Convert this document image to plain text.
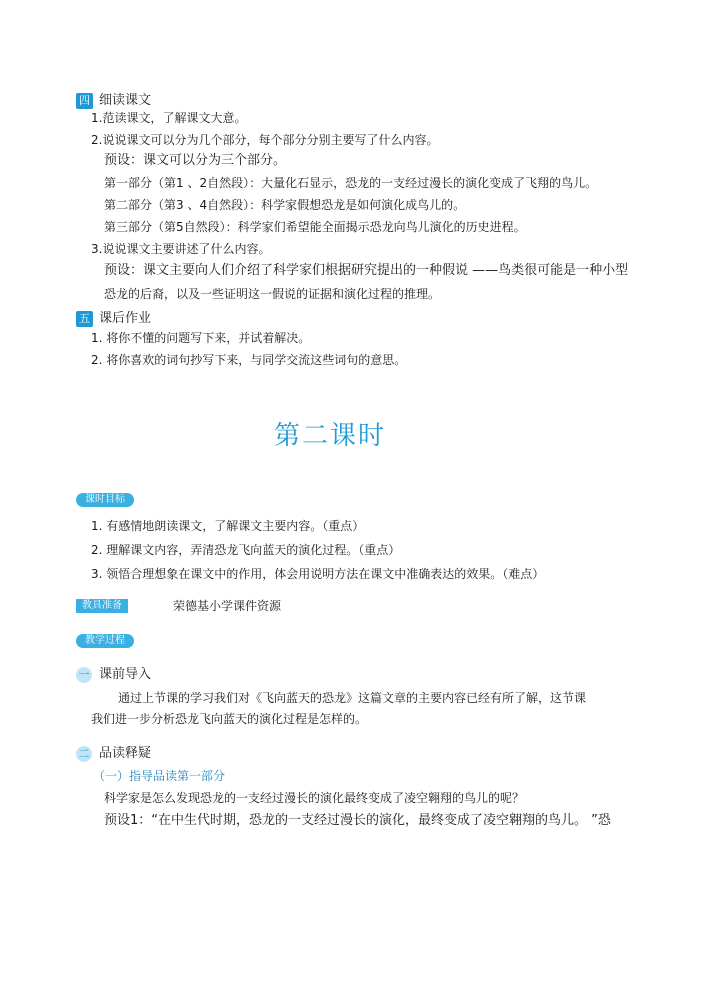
四 细读课文
1.范读课文，了解课文大意。
2.说说课文可以分为几个部分，每个部分分别主要写了什么内容。
预设：课文可以分为三个部分。
第一部分（第1 、2自然段）：大量化石显示，恐龙的一支经过漫长的演化变成了飞翔的鸟儿。
第二部分（第3 、4自然段）：科学家假想恐龙是如何演化成鸟儿的。
第三部分（第5自然段）：科学家们希望能全面揭示恐龙向鸟儿演化的历史进程。
3.说说课文主要讲述了什么内容。
预设：课文主要向人们介绍了科学家们根据研究提出的一种假说 ——鸟类很可能是一种小型
恐龙的后裔，以及一些证明这一假说的证据和演化过程的推理。
五 课后作业
1. 将你不懂的问题写下来，并试着解决。
2. 将你喜欢的词句抄写下来，与同学交流这些词句的意思。
第二课时
课时目标
1. 有感情地朗读课文，了解课文主要内容。（重点）
2. 理解课文内容，弄清恐龙飞向蓝天的演化过程。（重点）
3. 领悟合理想象在课文中的作用，体会用说明方法在课文中准确表达的效果。（难点）
教具准备	荣德基小学课件资源
教学过程
一 课前导入
通过上节课的学习我们对《飞向蓝天的恐龙》这篇文章的主要内容已经有所了解，这节课
我们进一步分析恐龙飞向蓝天的演化过程是怎样的。
二 品读释疑
（一）指导品读第一部分
科学家是怎么发现恐龙的一支经过漫长的演化最终变成了凌空翱翔的鸟儿的呢？
预设1：“在中生代时期，恐龙的一支经过漫长的演化，最终变成了凌空翱翔的鸟儿。 ”恐
